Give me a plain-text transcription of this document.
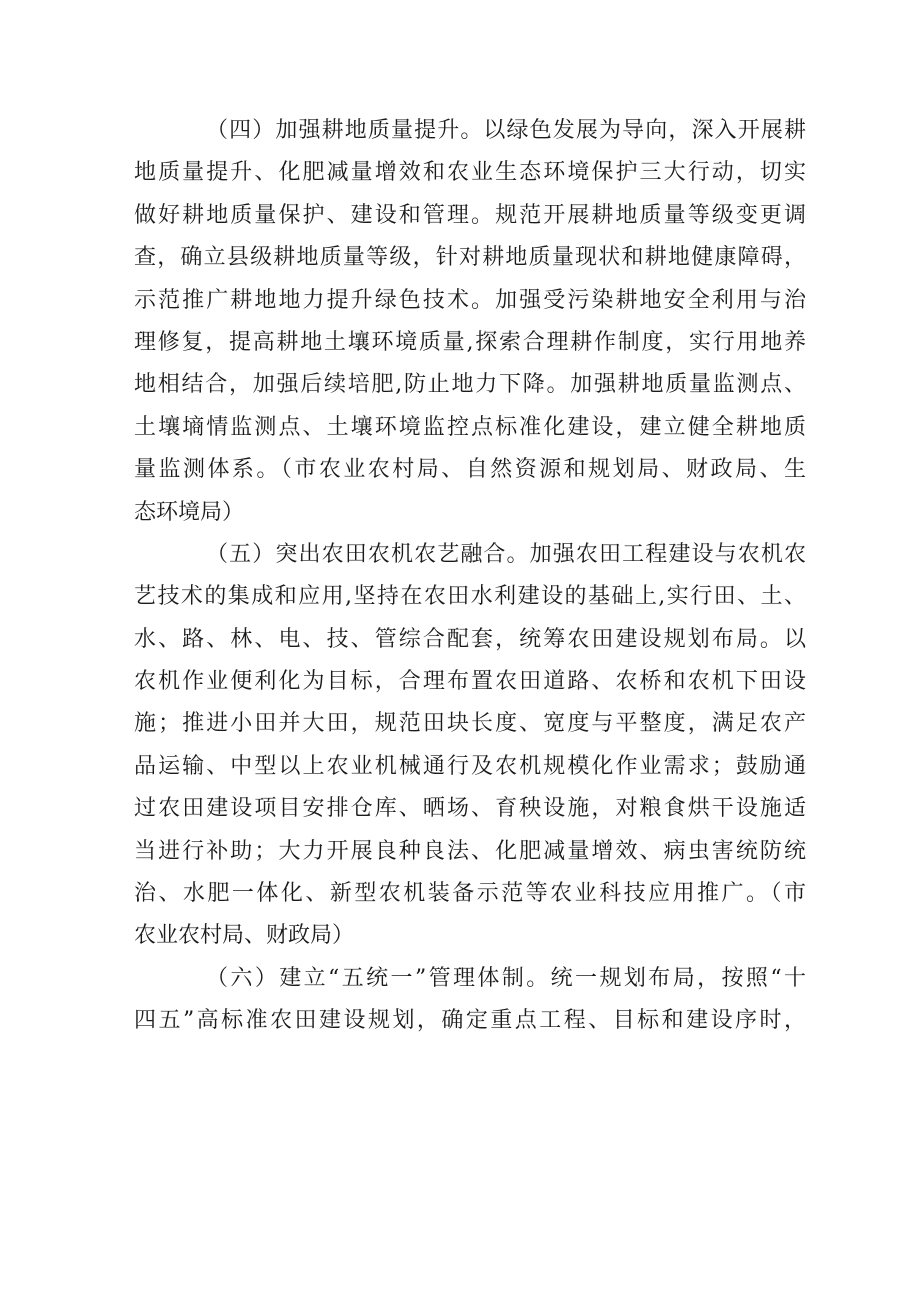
（四）加强耕地质量提升。以绿色发展为导向，深入开展耕
地质量提升、化肥减量增效和农业生态环境保护三大行动，切实
做好耕地质量保护、建设和管理。规范开展耕地质量等级变更调
查，确立县级耕地质量等级，针对耕地质量现状和耕地健康障碍，
示范推广耕地地力提升绿色技术。加强受污染耕地安全利用与治
理修复，提高耕地土壤环境质量,探索合理耕作制度，实行用地养
地相结合，加强后续培肥,防止地力下降。加强耕地质量监测点、
土壤墒情监测点、土壤环境监控点标准化建设，建立健全耕地质
量监测体系。（市农业农村局、自然资源和规划局、财政局、生
态环境局）
（五）突出农田农机农艺融合。加强农田工程建设与农机农
艺技术的集成和应用,坚持在农田水利建设的基础上,实行田、土、
水、路、林、电、技、管综合配套，统筹农田建设规划布局。以
农机作业便利化为目标，合理布置农田道路、农桥和农机下田设
施；推进小田并大田，规范田块长度、宽度与平整度，满足农产
品运输、中型以上农业机械通行及农机规模化作业需求；鼓励通
过农田建设项目安排仓库、晒场、育秧设施，对粮食烘干设施适
当进行补助；大力开展良种良法、化肥减量增效、病虫害统防统
治、水肥一体化、新型农机装备示范等农业科技应用推广。（市
农业农村局、财政局）
（六）建立“五统一”管理体制。统一规划布局，按照“十
四五”高标准农田建设规划，确定重点工程、目标和建设序时，
